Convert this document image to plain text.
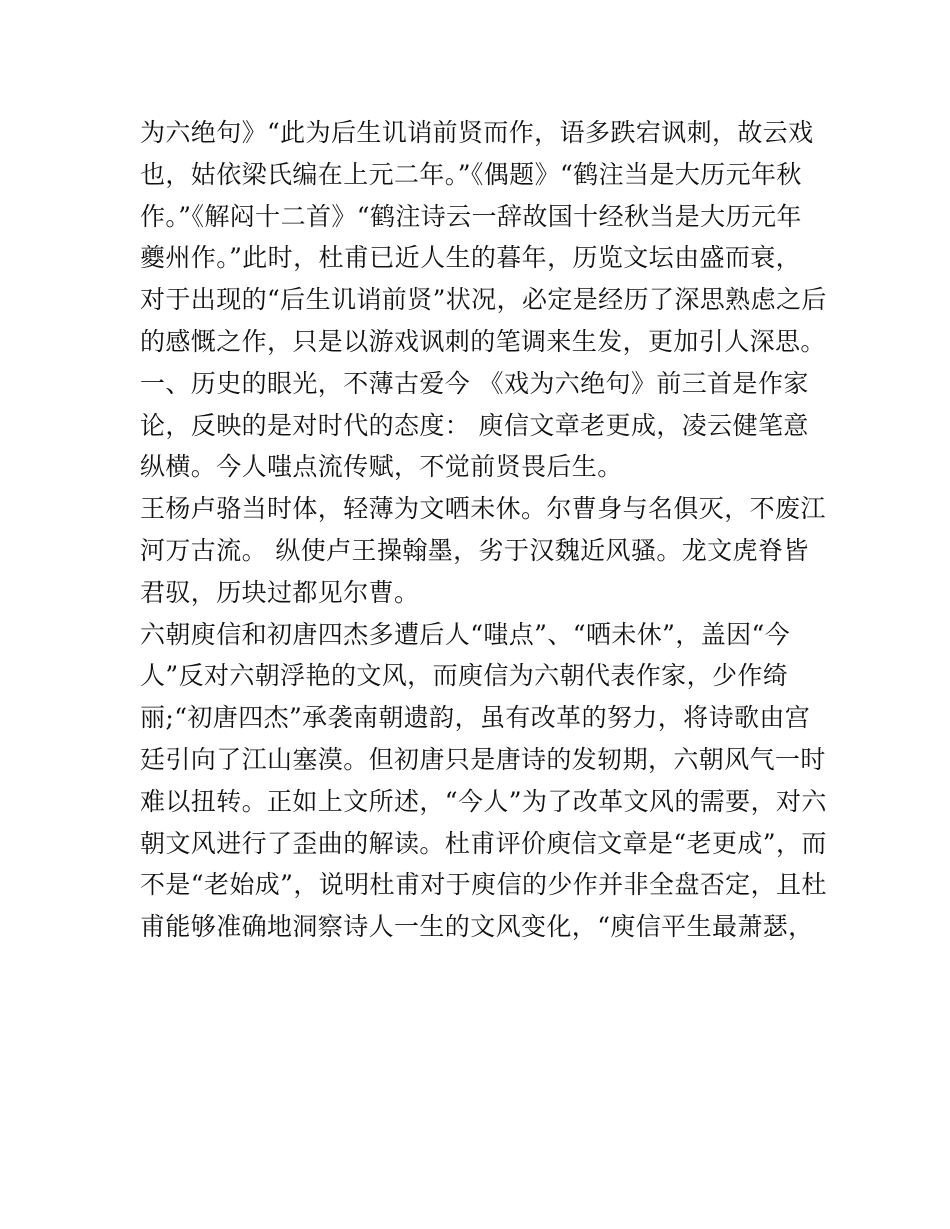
为六绝句》“此为后生讥诮前贤而作，语多跌宕讽刺，故云戏
也，姑依梁氏编在上元二年。”《偶题》“鹤注当是大历元年秋
作。”《解闷十二首》“鹤注诗云一辞故国十经秋当是大历元年
夔州作。”此时，杜甫已近人生的暮年，历览文坛由盛而衰，
对于出现的“后生讥诮前贤”状况，必定是经历了深思熟虑之后
的感慨之作，只是以游戏讽刺的笔调来生发，更加引人深思。
一、历史的眼光，不薄古爱今 《戏为六绝句》前三首是作家
论，反映的是对时代的态度： 庾信文章老更成，凌云健笔意
纵横。今人嗤点流传赋，不觉前贤畏后生。
王杨卢骆当时体，轻薄为文哂未休。尔曹身与名俱灭，不废江
河万古流。 纵使卢王操翰墨，劣于汉魏近风骚。龙文虎脊皆
君驭，历块过都见尔曹。
六朝庾信和初唐四杰多遭后人“嗤点”、“哂未休”，盖因“今
人”反对六朝浮艳的文风，而庾信为六朝代表作家，少作绮
丽;“初唐四杰”承袭南朝遗韵，虽有改革的努力，将诗歌由宫
廷引向了江山塞漠。但初唐只是唐诗的发轫期，六朝风气一时
难以扭转。正如上文所述，“今人”为了改革文风的需要，对六
朝文风进行了歪曲的解读。杜甫评价庾信文章是“老更成”，而
不是“老始成”，说明杜甫对于庾信的少作并非全盘否定，且杜
甫能够准确地洞察诗人一生的文风变化，“庾信平生最萧瑟，
